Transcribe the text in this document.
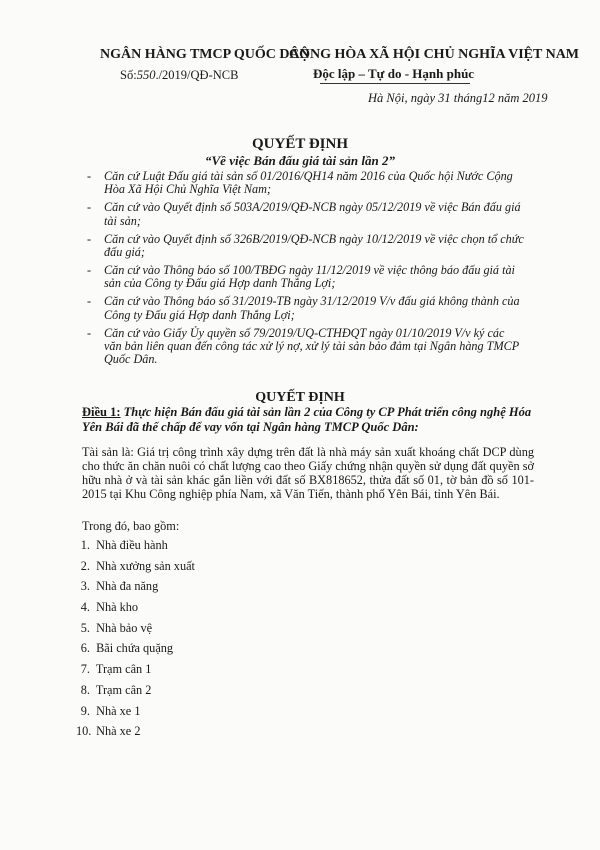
NGÂN HÀNG TMCP QUỐC DÂN
Số:550./2019/QĐ-NCB
CỘNG HÒA XÃ HỘI CHỦ NGHĨA VIỆT NAM
Độc lập – Tự do - Hạnh phúc
Hà Nội, ngày 31 tháng12 năm 2019
QUYẾT ĐỊNH
“Về việc Bán đấu giá tài sản lần 2”
- Căn cứ Luật Đấu giá tài sản số 01/2016/QH14 năm 2016 của Quốc hội Nước Cộng Hòa Xã Hội Chủ Nghĩa Việt Nam;
- Căn cứ vào Quyết định số 503A/2019/QĐ-NCB ngày 05/12/2019 về việc Bán đấu giá tài sản;
- Căn cứ vào Quyết định số 326B/2019/QĐ-NCB ngày 10/12/2019 về việc chọn tổ chức đấu giá;
- Căn cứ vào Thông báo số 100/TBĐG ngày 11/12/2019 về việc thông báo đấu giá tài sản của Công ty Đấu giá Hợp danh Thắng Lợi;
- Căn cứ vào Thông báo số 31/2019-TB ngày 31/12/2019 V/v đấu giá không thành của Công ty Đấu giá Hợp danh Thắng Lợi;
- Căn cứ vào Giấy Ủy quyền số 79/2019/UQ-CTHĐQT ngày 01/10/2019 V/v ký các văn bản liên quan đến công tác xử lý nợ, xử lý tài sản bảo đảm tại Ngân hàng TMCP Quốc Dân.
QUYẾT ĐỊNH
Điều 1: Thực hiện Bán đấu giá tài sản lần 2 của Công ty CP Phát triển công nghệ Hóa Yên Bái đã thế chấp để vay vốn tại Ngân hàng TMCP Quốc Dân:
Tài sản là: Giá trị công trình xây dựng trên đất là nhà máy sản xuất khoáng chất DCP dùng cho thức ăn chăn nuôi có chất lượng cao theo Giấy chứng nhận quyền sử dụng đất quyền sở hữu nhà ở và tài sản khác gắn liền với đất số BX818652, thửa đất số 01, tờ bản đồ số 101-2015 tại Khu Công nghiệp phía Nam, xã Văn Tiến, thành phố Yên Bái, tỉnh Yên Bái.
Trong đó, bao gồm:
1. Nhà điều hành
2. Nhà xưởng sản xuất
3. Nhà đa năng
4. Nhà kho
5. Nhà bảo vệ
6. Bãi chứa quặng
7. Trạm cân 1
8. Trạm cân 2
9. Nhà xe 1
10. Nhà xe 2
